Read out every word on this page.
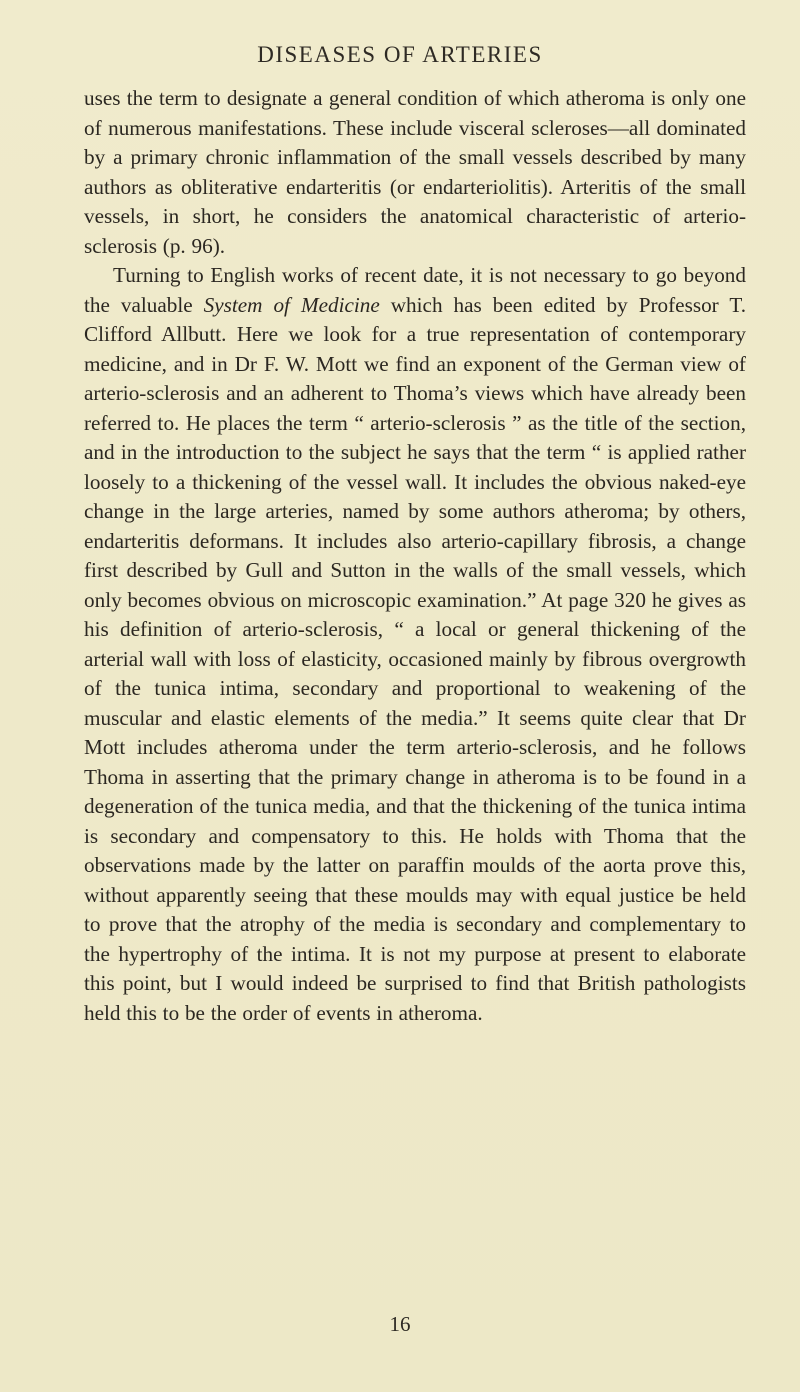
DISEASES OF ARTERIES

uses the term to designate a general condition of which atheroma is only one of numerous manifestations. These include visceral scleroses—all dominated by a primary chronic inflammation of the small vessels described by many authors as obliterative endarteritis (or endarteriolitis). Arteritis of the small vessels, in short, he considers the anatomical characteristic of arterio-sclerosis (p. 96).

Turning to English works of recent date, it is not necessary to go beyond the valuable System of Medicine which has been edited by Professor T. Clifford Allbutt. Here we look for a true representation of contemporary medicine, and in Dr F. W. Mott we find an exponent of the German view of arterio-sclerosis and an adherent to Thoma’s views which have already been referred to. He places the term “ arterio-sclerosis ” as the title of the section, and in the introduction to the subject he says that the term “ is applied rather loosely to a thickening of the vessel wall. It includes the obvious naked-eye change in the large arteries, named by some authors atheroma; by others, endarteritis deformans. It includes also arterio-capillary fibrosis, a change first described by Gull and Sutton in the walls of the small vessels, which only becomes obvious on microscopic examination.” At page 320 he gives as his definition of arterio-sclerosis, “ a local or general thickening of the arterial wall with loss of elasticity, occasioned mainly by fibrous overgrowth of the tunica intima, secondary and proportional to weakening of the muscular and elastic elements of the media.” It seems quite clear that Dr Mott includes atheroma under the term arterio-sclerosis, and he follows Thoma in asserting that the primary change in atheroma is to be found in a degeneration of the tunica media, and that the thickening of the tunica intima is secondary and compensatory to this. He holds with Thoma that the observations made by the latter on paraffin moulds of the aorta prove this, without apparently seeing that these moulds may with equal justice be held to prove that the atrophy of the media is secondary and complementary to the hypertrophy of the intima. It is not my purpose at present to elaborate this point, but I would indeed be surprised to find that British pathologists held this to be the order of events in atheroma.

16
